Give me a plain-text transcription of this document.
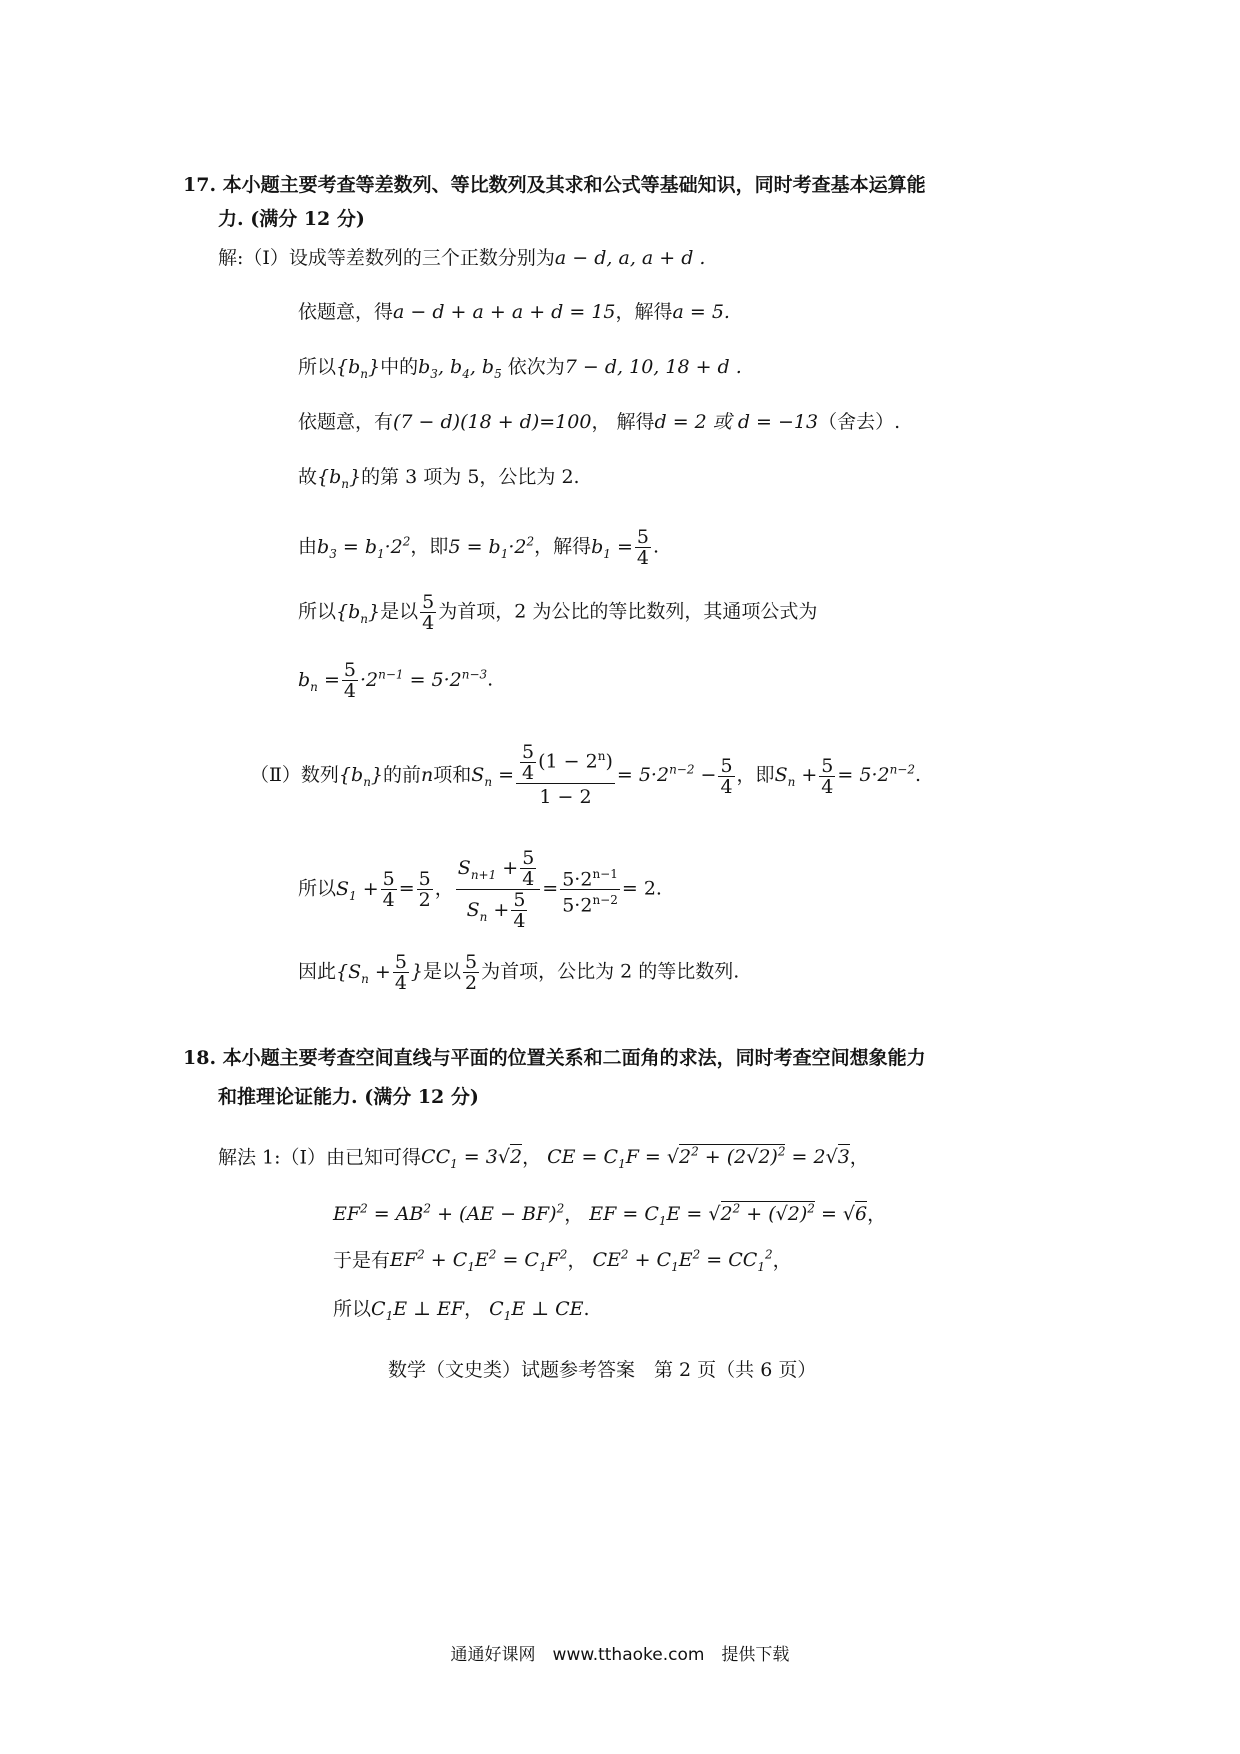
17. 本小题主要考查等差数列、等比数列及其求和公式等基础知识，同时考查基本运算能
力. (满分 12 分)
解:（Ⅰ）设成等差数列的三个正数分别为a − d, a, a + d .
依题意，得a − d + a + a + d = 15，解得a = 5.
所以$\{b_n\}$中的$b_3$, $b_4$, $b_5$ 依次为7 − d, 10, 18 + d .
依题意，有(7 − d)(18 + d)=100， 解得d = 2 或 d = −13（舍去）.
故$\{b_n\}$的第 3 项为 5，公比为 2.
由$b_3 = b_1\cdot 2^2$，即$5 = b_1\cdot 2^2$，解得$b_1 = \frac{5}{4}$ .
所以$\{b_n\}$是以 $\frac{5}{4}$ 为首项，2 为公比的等比数列，其通项公式为
$b_n = \frac{5}{4} \cdot 2^{n-1} = 5\cdot 2^{n-3}$.
（Ⅱ）数列$\{b_n\}$的前n项和$S_n = \frac{\frac{5}{4} (1 - 2^n)}{1 - 2} = 5\cdot 2^{n-2} - \frac{5}{4}$ ，即$S_n + \frac{5}{4} = 5\cdot 2^{n-2}$.
所以$S_1 + \frac{5}{4} = \frac{5}{2}$ ， $\frac{S_{n+1} + \frac{5}{4}}{S_n + \frac{5}{4}} = \frac{5\cdot 2^{n-1}}{5\cdot 2^{n-2}} = 2$.
因此{$S_n + \frac{5}{4}$ }是以 $\frac{5}{2}$ 为首项，公比为 2 的等比数列.
18. 本小题主要考查空间直线与平面的位置关系和二面角的求法，同时考查空间想象能力
和推理论证能力. (满分 12 分)
解法 1:（Ⅰ）由已知可得$CC_1 = 3√2$， CE = $C_1F = √2^2 + (2√2)^2 = 2√3$，
$EF^2 = AB^2 + (AE - BF)^2$， EF = $C_1E = √2^2 + (√2)^2 = √6$，
于是有$EF^2 + C_1E^2 = C_1F^2$， $CE^2 + C_1E^2 = CC_1^2$，
所以$C_1E$ ⊥ EF， $C_1E$ ⊥ CE.
数学（文史类）试题参考答案　第 2 页（共 6 页）
通通好课网　www.tthaoke.com　提供下载
